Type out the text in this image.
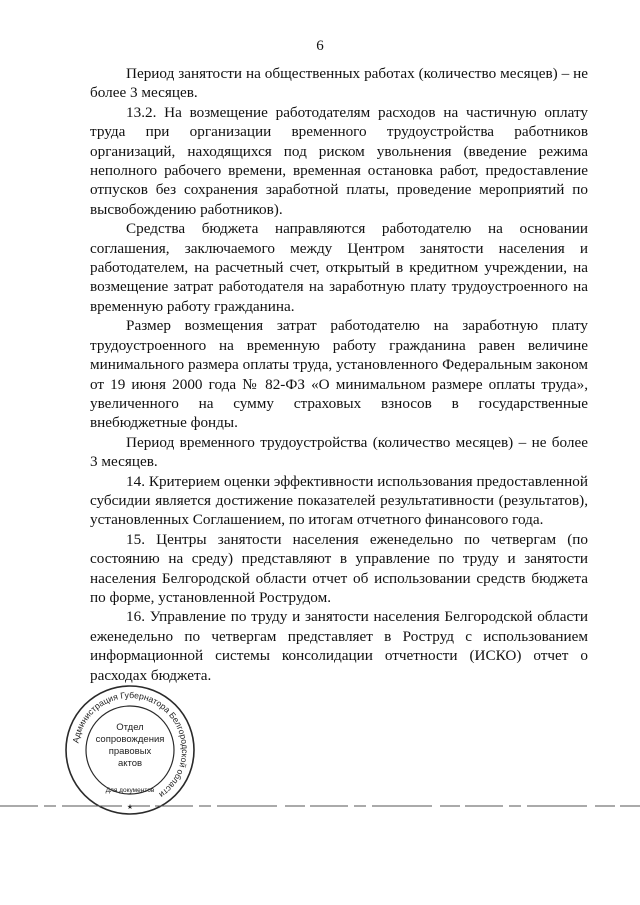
6

Период занятости на общественных работах (количество месяцев) – не более 3 месяцев.

13.2. На возмещение работодателям расходов на частичную оплату труда при организации временного трудоустройства работников организаций, находящихся под риском увольнения (введение режима неполного рабочего времени, временная остановка работ, предоставление отпусков без сохранения заработной платы, проведение мероприятий по высвобождению работников).

Средства бюджета направляются работодателю на основании соглашения, заключаемого между Центром занятости населения и работодателем, на расчетный счет, открытый в кредитном учреждении, на возмещение затрат работодателя на заработную плату трудоустроенного на временную работу гражданина.

Размер возмещения затрат работодателю на заработную плату трудоустроенного на временную работу гражданина равен величине минимального размера оплаты труда, установленного Федеральным законом от 19 июня 2000 года № 82-ФЗ «О минимальном размере оплаты труда», увеличенного на сумму страховых взносов в государственные внебюджетные фонды.

Период временного трудоустройства (количество месяцев) – не более 3 месяцев.

14. Критерием оценки эффективности использования предоставленной субсидии является достижение показателей результативности (результатов), установленных Соглашением, по итогам отчетного финансового года.

15. Центры занятости населения еженедельно по четвергам (по состоянию на среду) представляют в управление по труду и занятости населения Белгородской области отчет об использовании средств бюджета по форме, установленной Рострудом.

16. Управление по труду и занятости населения Белгородской области еженедельно по четвергам представляет в Роструд с использованием информационной системы консолидации отчетности (ИСКО) отчет о расходах бюджета.

Администрация Губернатора Белгородской области
★
Отдел
сопровождения
правовых
актов
Для документов
